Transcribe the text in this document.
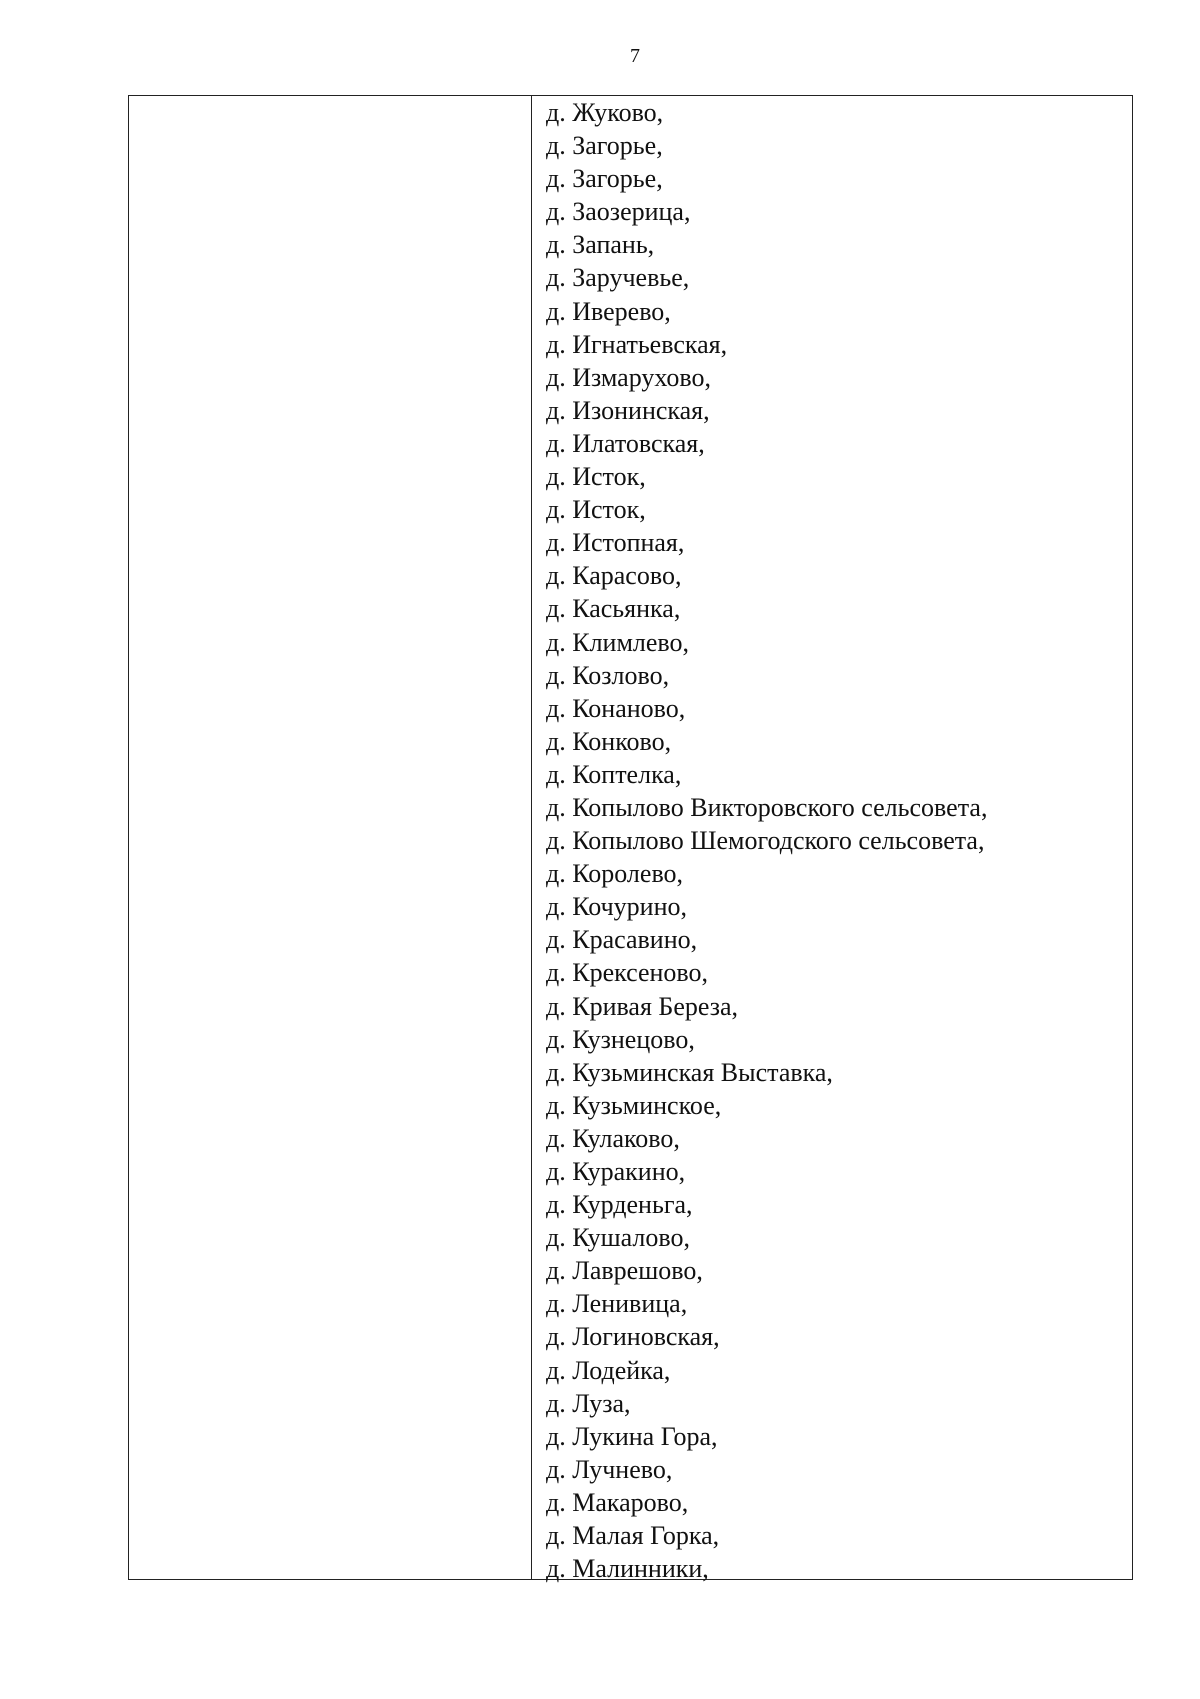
7
д. Жуково,
д. Загорье,
д. Загорье,
д. Заозерица,
д. Запань,
д. Заручевье,
д. Иверево,
д. Игнатьевская,
д. Измарухово,
д. Изонинская,
д. Илатовская,
д. Исток,
д. Исток,
д. Истопная,
д. Карасово,
д. Касьянка,
д. Климлево,
д. Козлово,
д. Конаново,
д. Конково,
д. Коптелка,
д. Копылово Викторовского сельсовета,
д. Копылово Шемогодского сельсовета,
д. Королево,
д. Кочурино,
д. Красавино,
д. Крексеново,
д. Кривая Береза,
д. Кузнецово,
д. Кузьминская Выставка,
д. Кузьминское,
д. Кулаково,
д. Куракино,
д. Курденьга,
д. Кушалово,
д. Лаврешово,
д. Ленивица,
д. Логиновская,
д. Лодейка,
д. Луза,
д. Лукина Гора,
д. Лучнево,
д. Макарово,
д. Малая Горка,
д. Малинники,
